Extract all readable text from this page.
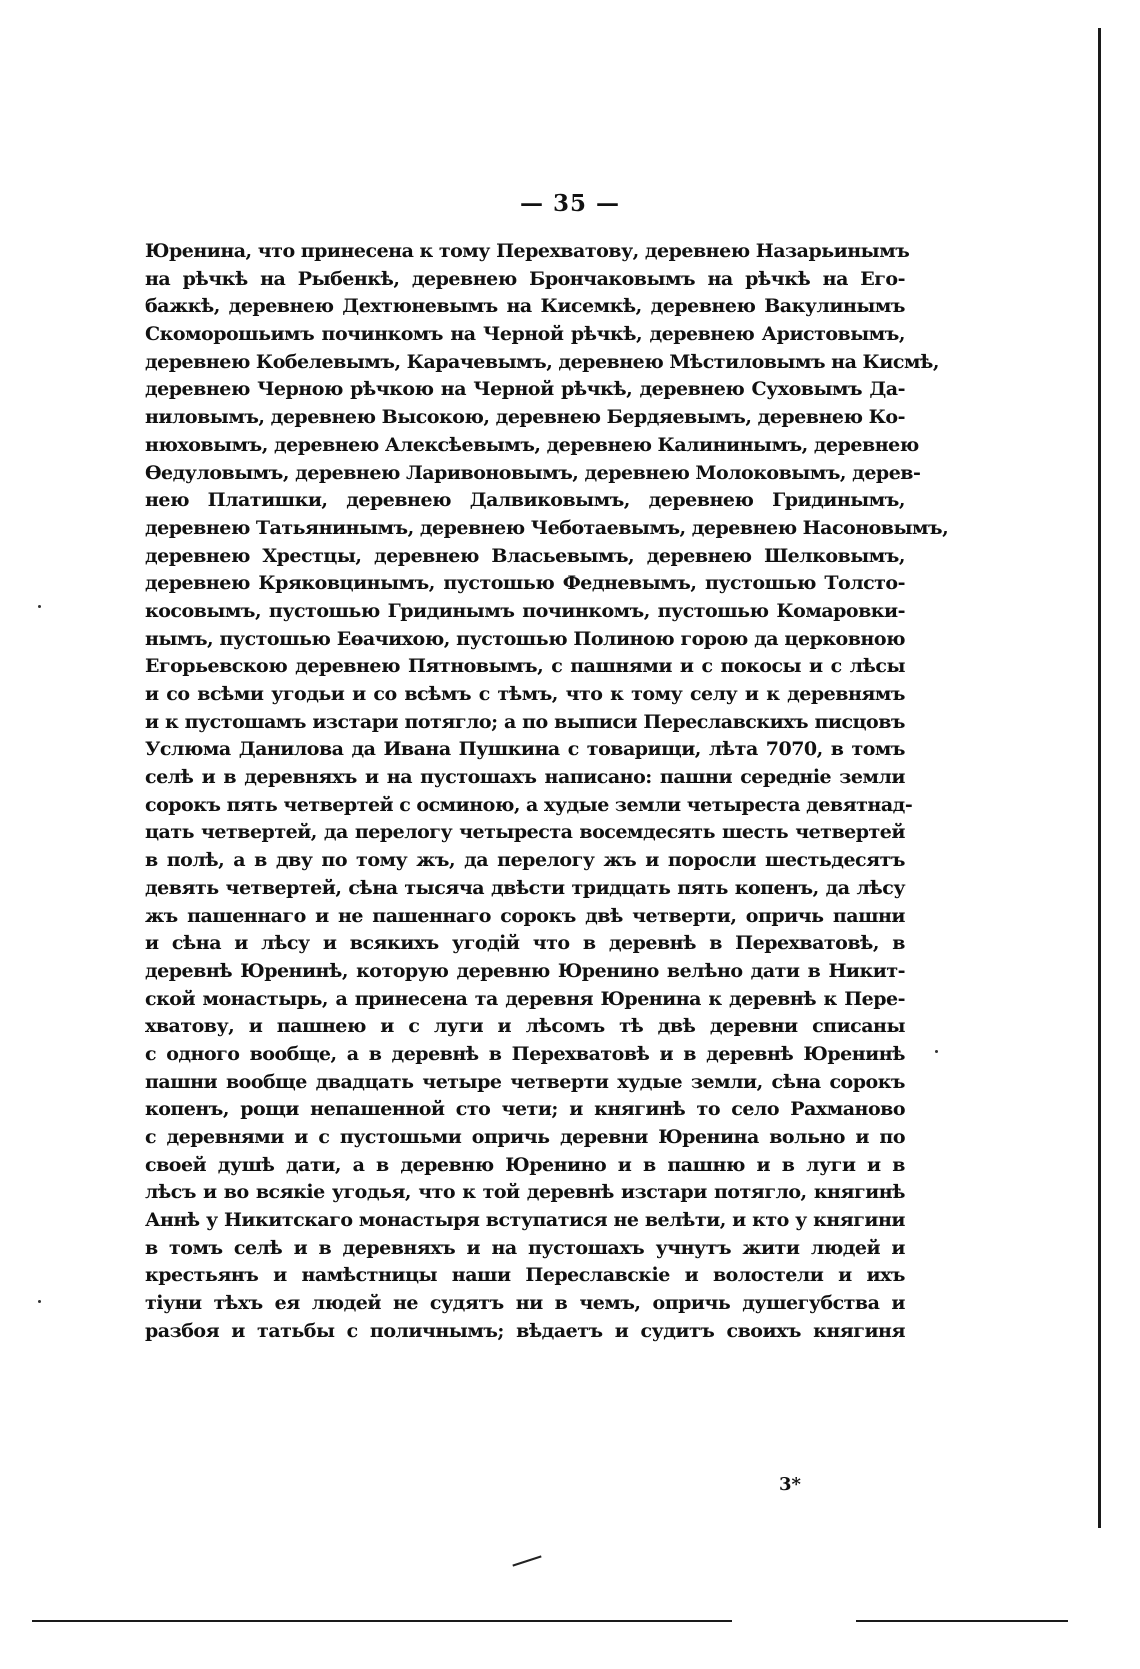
— 35 —
Юренина, что принесена к тому Перехватову, деревнею Назарьинымъ
на рѣчкѣ на Рыбенкѣ, деревнею Брончаковымъ на рѣчкѣ на Его-
бажкѣ, деревнею Дехтюневымъ на Кисемкѣ, деревнею Вакулинымъ
Скоморошьимъ починкомъ на Черной рѣчкѣ, деревнею Аристовымъ,
деревнею Кобелевымъ, Карачевымъ, деревнею Мѣстиловымъ на Кисмѣ,
деревнею Черною рѣчкою на Черной рѣчкѣ, деревнею Суховымъ Да-
ниловымъ, деревнею Высокою, деревнею Бердяевымъ, деревнею Ко-
нюховымъ, деревнею Алексѣевымъ, деревнею Калининымъ, деревнею
Өедуловымъ, деревнею Ларивоновымъ, деревнею Молоковымъ, дерев-
нею Платишки, деревнею Далвиковымъ, деревнею Гридинымъ,
деревнею Татьянинымъ, деревнею Чеботаевымъ, деревнею Насоновымъ,
деревнею Хрестцы, деревнею Власьевымъ, деревнею Шелковымъ,
деревнею Кряковцинымъ, пустошью Федневымъ, пустошью Толсто-
косовымъ, пустошью Гридинымъ починкомъ, пустошью Комаровки-
нымъ, пустошью Еөачихою, пустошью Полиною горою да церковною
Егорьевскою деревнею Пятновымъ, с пашнями и с покосы и с лѣсы
и со всѣми угодьи и со всѣмъ с тѣмъ, что к тому селу и к деревнямъ
и к пустошамъ изстари потягло; а по выписи Переславскихъ писцовъ
Услюма Данилова да Ивана Пушкина с товарищи, лѣта 7070, в томъ
селѣ и в деревняхъ и на пустошахъ написано: пашни середніе земли
сорокъ пять четвертей с осминою, а худые земли четыреста девятнад-
цать четвертей, да перелогу четыреста восемдесять шесть четвертей
в полѣ, а в дву по тому жъ, да перелогу жъ и поросли шестьдесятъ
девять четвертей, сѣна тысяча двѣсти тридцать пять копенъ, да лѣсу
жъ пашеннаго и не пашеннаго сорокъ двѣ четверти, опричь пашни
и сѣна и лѣсу и всякихъ угодій что в деревнѣ в Перехватовѣ, в
деревнѣ Юренинѣ, которую деревню Юренино велѣно дати в Никит-
ской монастырь, а принесена та деревня Юренина к деревнѣ к Пере-
хватову, и пашнею и с луги и лѣсомъ тѣ двѣ деревни списаны
с одного вообще, а в деревнѣ в Перехватовѣ и в деревнѣ Юренинѣ
пашни вообще двадцать четыре четверти худые земли, сѣна сорокъ
копенъ, рощи непашенной сто чети; и княгинѣ то село Рахманово
с деревнями и с пустошьми опричь деревни Юренина вольно и по
своей душѣ дати, а в деревню Юренино и в пашню и в луги и в
лѣсъ и во всякіе угодья, что к той деревнѣ изстари потягло, княгинѣ
Аннѣ у Никитскаго монастыря вступатися не велѣти, и кто у княгини
в томъ селѣ и в деревняхъ и на пустошахъ учнутъ жити людей и
крестьянъ и намѣстницы наши Переславскіе и волостели и ихъ
тіуни тѣхъ ея людей не судятъ ни в чемъ, опричь душегубства и
разбоя и татьбы с поличнымъ; вѣдаетъ и судитъ своихъ княгиня
3*
